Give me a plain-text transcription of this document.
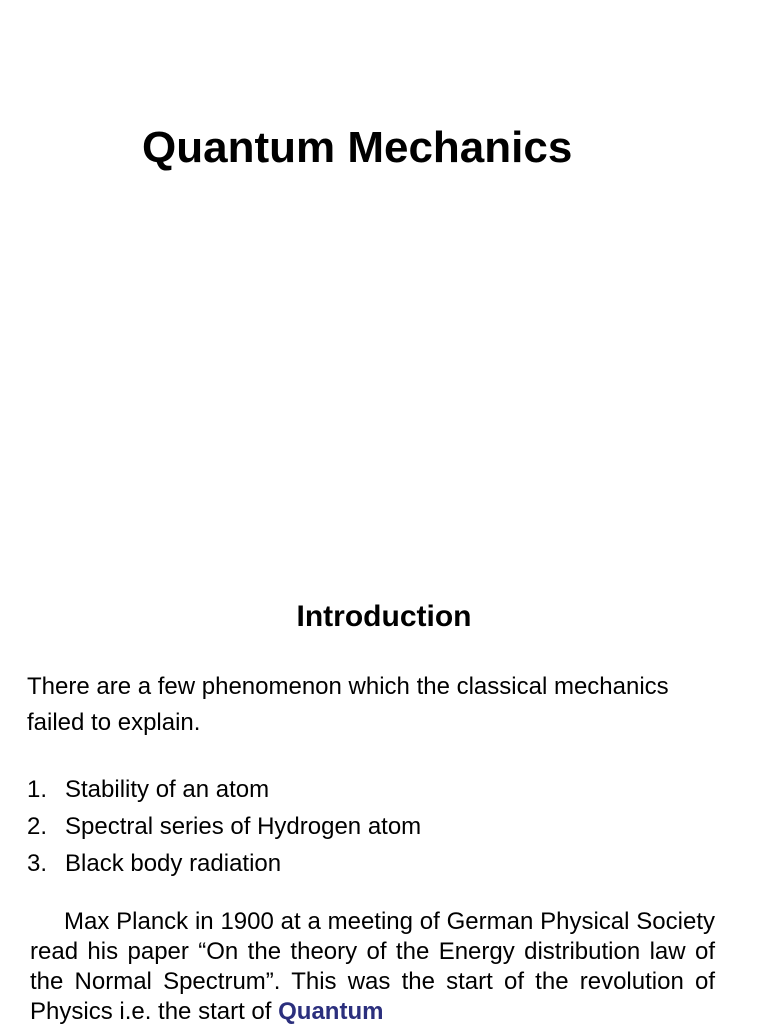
Quantum Mechanics
Introduction

There are a few phenomenon which the classical mechanics failed to explain.

1. Stability of an atom
2. Spectral series of Hydrogen atom
3. Black body radiation

Max Planck in 1900 at a meeting of German Physical Society read his paper “On the theory of the Energy distribution law of the Normal Spectrum”. This was the start of the revolution of Physics i.e. the start of Quantum
